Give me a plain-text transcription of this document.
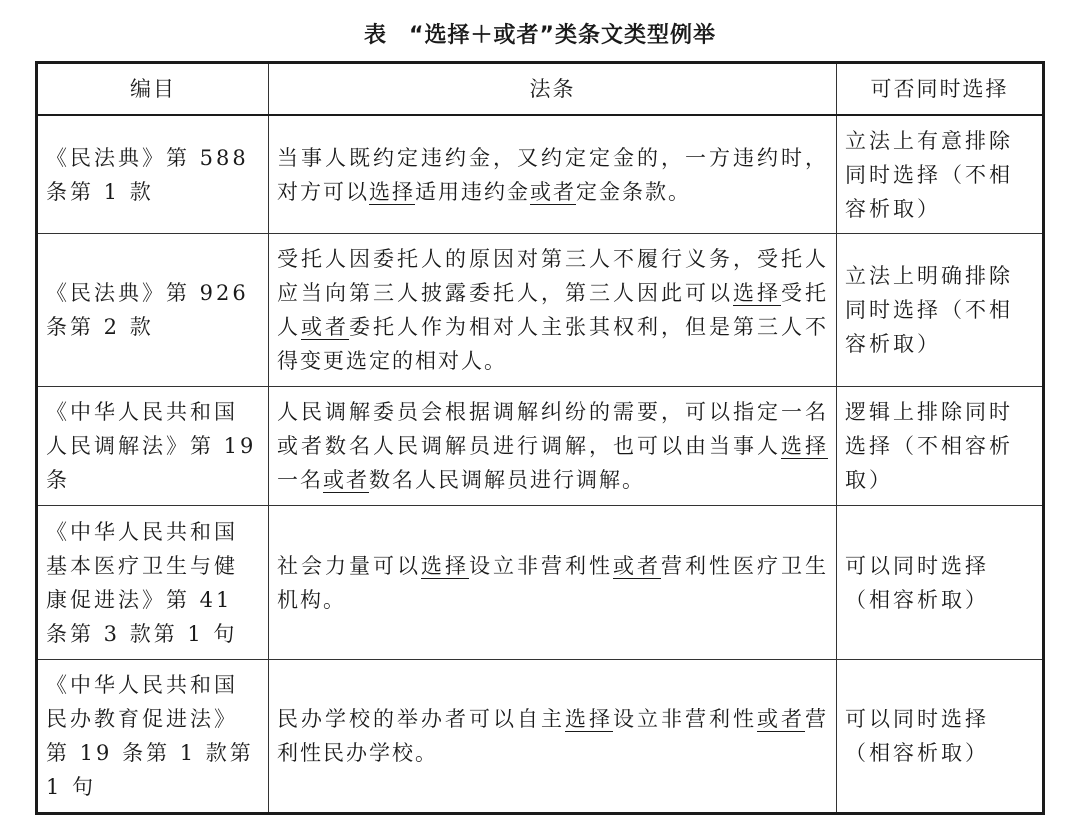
表 “选择＋或者”类条文类型例举
编目	法条	可否同时选择
《民法典》第 588 条第 1 款	当事人既约定违约金，又约定定金的，一方违约时，对方可以选择适用违约金或者定金条款。	立法上有意排除同时选择（不相容析取）
《民法典》第 926 条第 2 款	受托人因委托人的原因对第三人不履行义务，受托人应当向第三人披露委托人，第三人因此可以选择受托人或者委托人作为相对人主张其权利，但是第三人不得变更选定的相对人。	立法上明确排除同时选择（不相容析取）
《中华人民共和国人民调解法》第 19 条	人民调解委员会根据调解纠纷的需要，可以指定一名或者数名人民调解员进行调解，也可以由当事人选择一名或者数名人民调解员进行调解。	逻辑上排除同时选择（不相容析取）
《中华人民共和国基本医疗卫生与健康促进法》第 41 条第 3 款第 1 句	社会力量可以选择设立非营利性或者营利性医疗卫生机构。	可以同时选择（相容析取）
《中华人民共和国民办教育促进法》第 19 条第 1 款第 1 句	民办学校的举办者可以自主选择设立非营利性或者营利性民办学校。	可以同时选择（相容析取）
